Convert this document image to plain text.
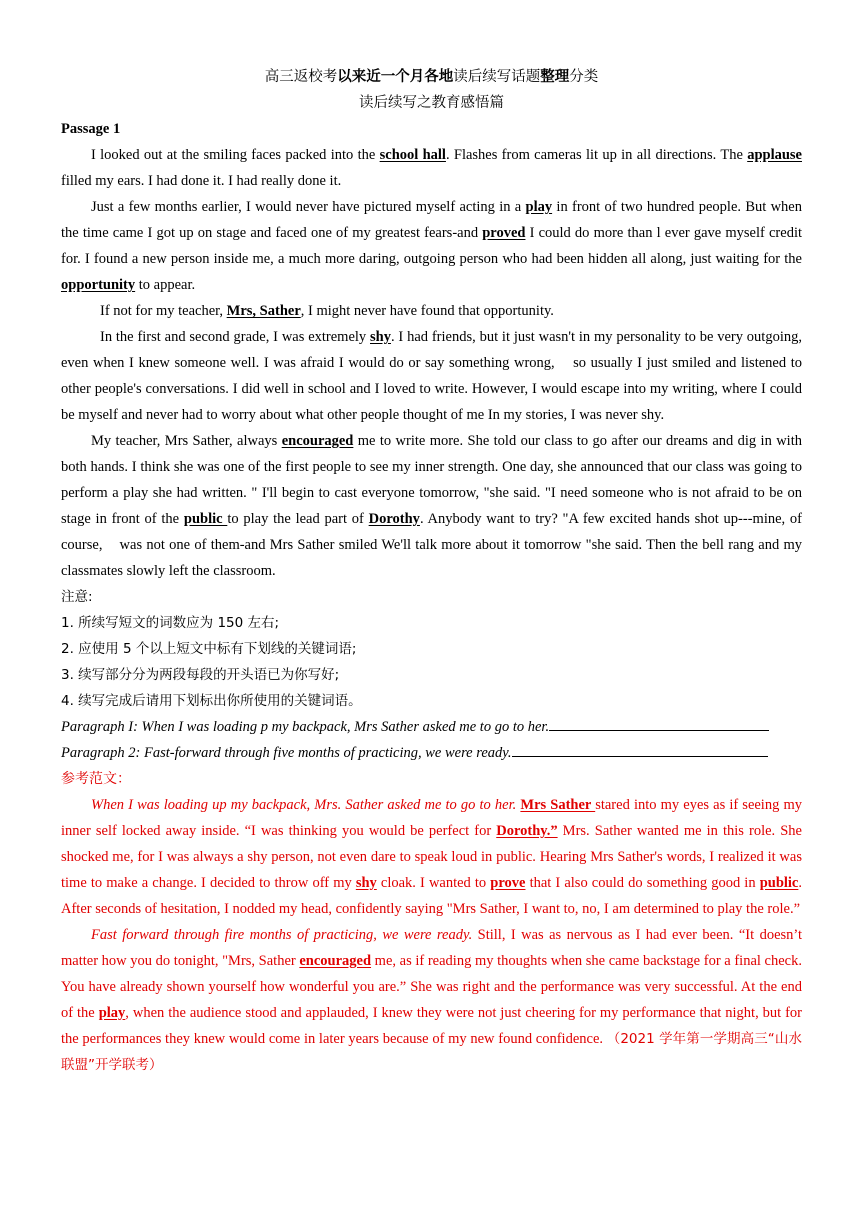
高三返校考以来近一个月各地读后续写话题整理分类

读后续写之教育感悟篇

Passage 1

I looked out at the smiling faces packed into the school hall. Flashes from cameras lit up in all directions. The applause filled my ears. I had done it. I had really done it.

Just a few months earlier, I would never have pictured myself acting in a play in front of two hundred people. But when the time came I got up on stage and faced one of my greatest fears-and proved I could do more than l ever gave myself credit for. I found a new person inside me, a much more daring, outgoing person who had been hidden all along, just waiting for the opportunity to appear.

If not for my teacher, Mrs, Sather, I might never have found that opportunity.

In the first and second grade, I was extremely shy. I had friends, but it just wasn't in my personality to be very outgoing, even when I knew someone well. I was afraid I would do or say something wrong,    so usually I just smiled and listened to other people's conversations. I did well in school and I loved to write. However, I would escape into my writing, where I could be myself and never had to worry about what other people thought of me In my stories, I was never shy.

My teacher, Mrs Sather, always encouraged me to write more. She told our class to go after our dreams and dig in with both hands. I think she was one of the first people to see my inner strength. One day, she announced that our class was going to perform a play she had written. " I'll begin to cast everyone tomorrow, "she said. "I need someone who is not afraid to be on stage in front of the public to play the lead part of Dorothy. Anybody want to try? "A few excited hands shot up---mine, of course,    was not one of them-and Mrs Sather smiled We'll talk more about it tomorrow "she said. Then the bell rang and my classmates slowly left the classroom.

注意:

1. 所续写短文的词数应为 150 左右;

2. 应使用 5 个以上短文中标有下划线的关键词语;

3. 续写部分分为两段每段的开头语已为你写好;

4. 续写完成后请用下划标出你所使用的关键词语。

Paragraph I: When I was loading p my backpack, Mrs Sather asked me to go to her.

Paragraph 2: Fast-forward through five months of practicing, we were ready.

参考范文：

When I was loading up my backpack, Mrs. Sather asked me to go to her. Mrs Sather stared into my eyes as if seeing my inner self locked away inside. “I was thinking you would be perfect for Dorothy.” Mrs. Sather wanted me in this role. She shocked me, for I was always a shy person, not even dare to speak loud in public. Hearing Mrs Sather's words, I realized it was time to make a change. I decided to throw off my shy cloak. I wanted to prove that I also could do something good in public. After seconds of hesitation, I nodded my head, confidently saying "Mrs Sather, I want to, no, I am determined to play the role.”

Fast forward through fire months of practicing, we were ready. Still, I was as nervous as I had ever been. “It doesn’t matter how you do tonight, "Mrs, Sather encouraged me, as if reading my thoughts when she came backstage for a final check. You have already shown yourself how wonderful you are.” She was right and the performance was very successful. At the end of the play, when the audience stood and applauded, I knew they were not just cheering for my performance that night, but for the performances they knew would come in later years because of my new found confidence. （2021 学年第一学期高三“山水联盟”开学联考）
